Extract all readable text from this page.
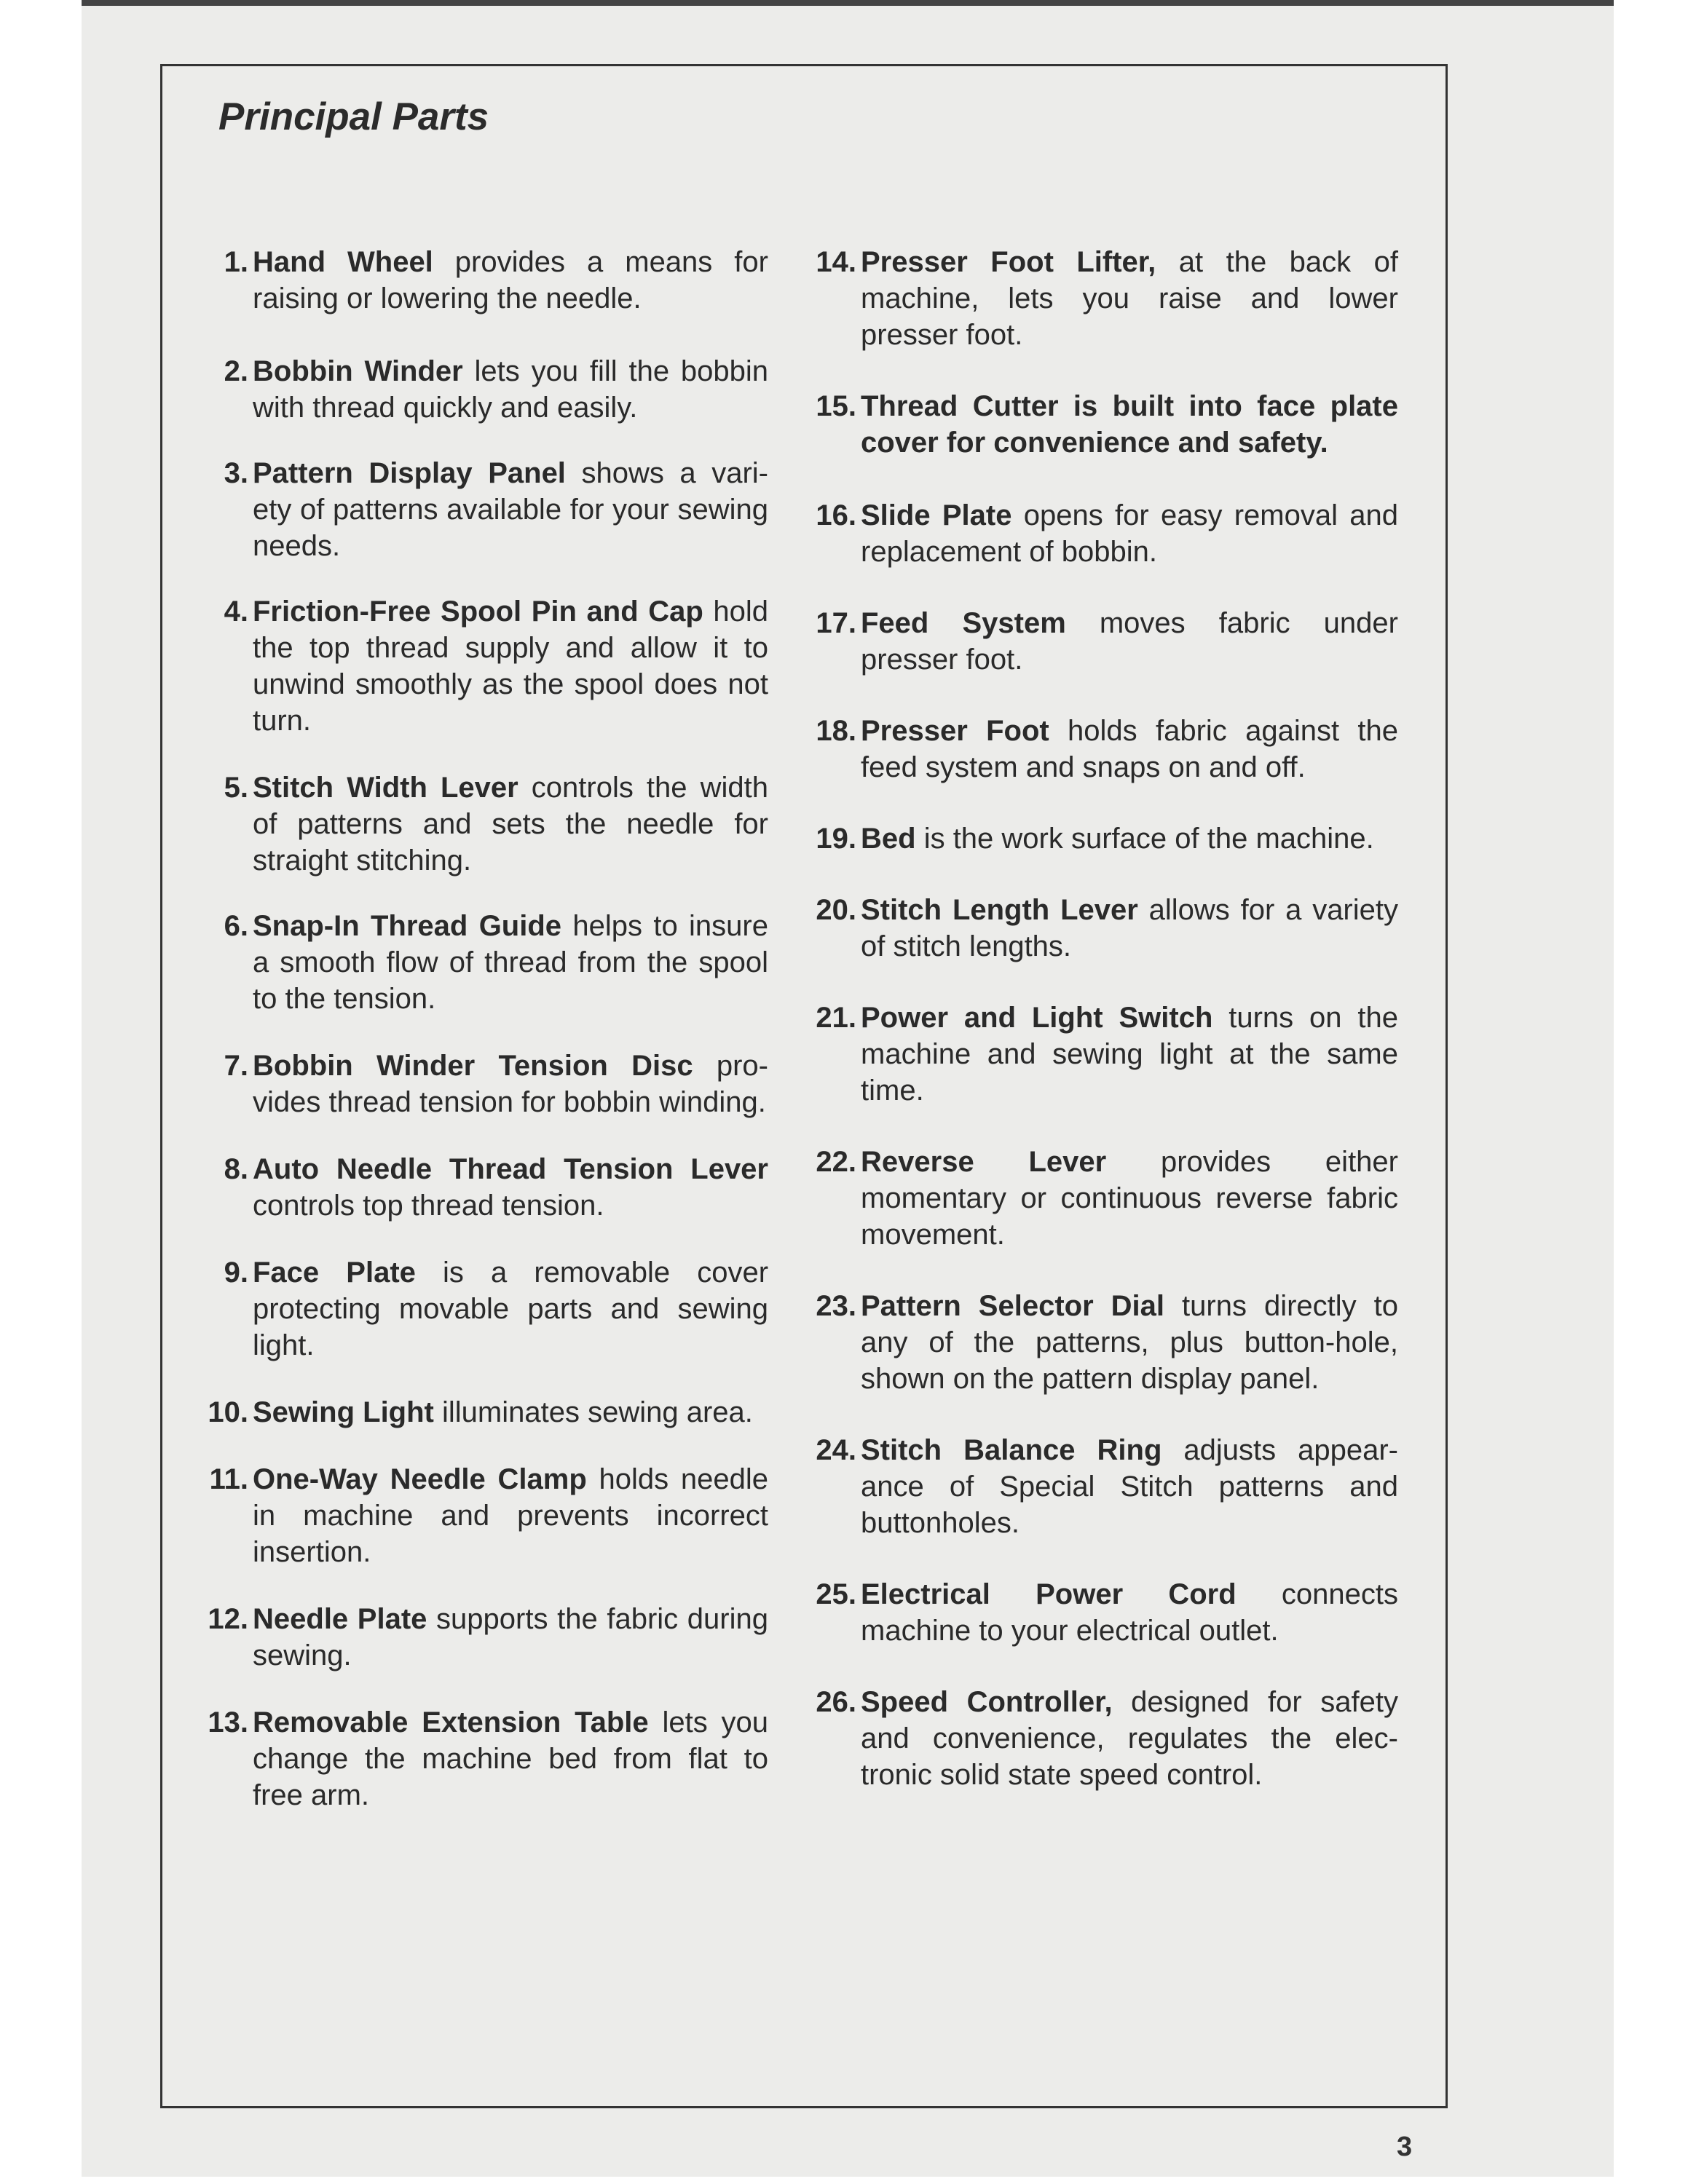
Principal Parts
1. Hand Wheel provides a means for raising or lowering the needle.
2. Bobbin Winder lets you fill the bobbin with thread quickly and easily.
3. Pattern Display Panel shows a vari-ety of patterns available for your sewing needs.
4. Friction-Free Spool Pin and Cap hold the top thread supply and allow it to unwind smoothly as the spool does not turn.
5. Stitch Width Lever controls the width of patterns and sets the needle for straight stitching.
6. Snap-In Thread Guide helps to insure a smooth flow of thread from the spool to the tension.
7. Bobbin Winder Tension Disc pro-vides thread tension for bobbin winding.
8. Auto Needle Thread Tension Lever controls top thread tension.
9. Face Plate is a removable cover protecting movable parts and sewing light.
10. Sewing Light illuminates sewing area.
11. One-Way Needle Clamp holds needle in machine and prevents incorrect insertion.
12. Needle Plate supports the fabric during sewing.
13. Removable Extension Table lets you change the machine bed from flat to free arm.
14. Presser Foot Lifter, at the back of machine, lets you raise and lower presser foot.
15. Thread Cutter is built into face plate cover for convenience and safety.
16. Slide Plate opens for easy removal and replacement of bobbin.
17. Feed System moves fabric under presser foot.
18. Presser Foot holds fabric against the feed system and snaps on and off.
19. Bed is the work surface of the machine.
20. Stitch Length Lever allows for a variety of stitch lengths.
21. Power and Light Switch turns on the machine and sewing light at the same time.
22. Reverse Lever provides either momentary or continuous reverse fabric movement.
23. Pattern Selector Dial turns directly to any of the patterns, plus button-hole, shown on the pattern display panel.
24. Stitch Balance Ring adjusts appear-ance of Special Stitch patterns and buttonholes.
25. Electrical Power Cord connects machine to your electrical outlet.
26. Speed Controller, designed for safety and convenience, regulates the elec-tronic solid state speed control.
3
